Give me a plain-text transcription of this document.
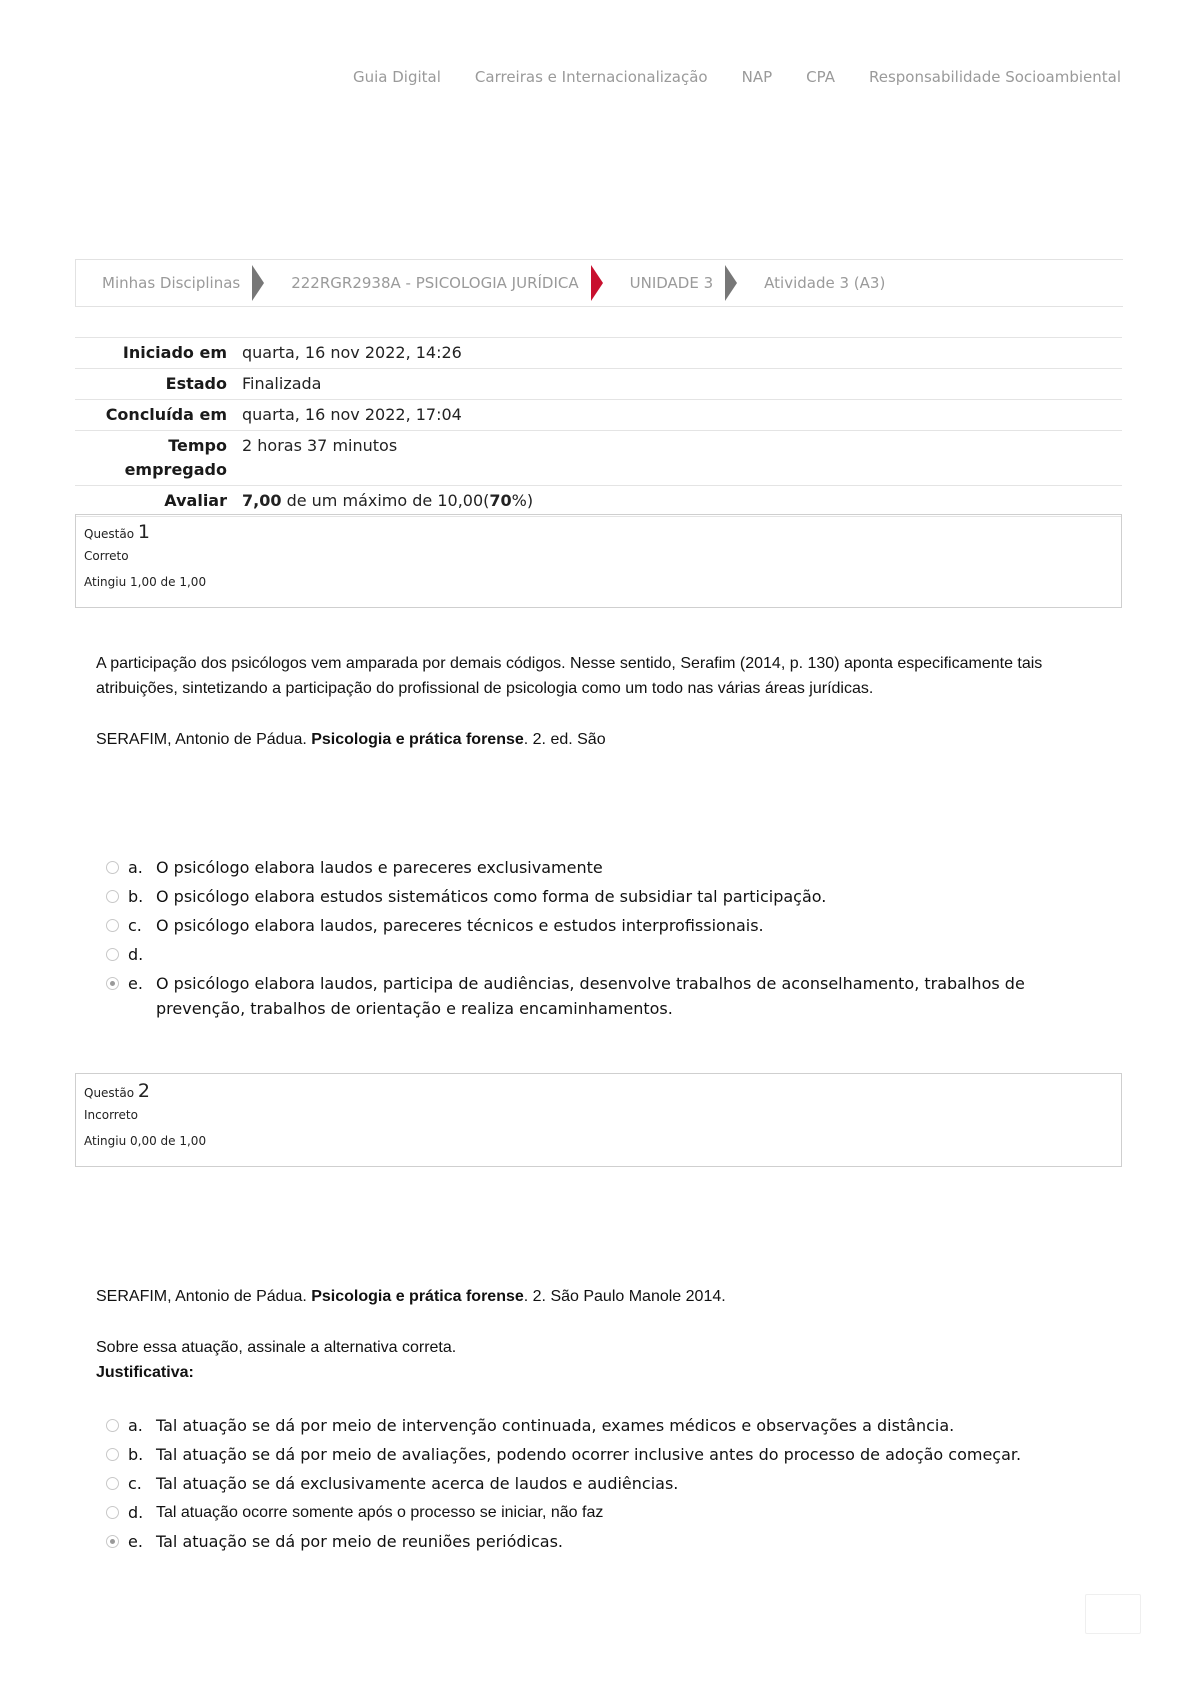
Guia Digital Carreiras e Internacionalização NAP CPA Responsabilidade Socioambiental
Minhas Disciplinas	222RGR2938A - PSICOLOGIA JURÍDICA	UNIDADE 3	Atividade 3 (A3)
Iniciado em	quarta, 16 nov 2022, 14:26
Estado	Finalizada
Concluída em	quarta, 16 nov 2022, 17:04
Tempo
empregado	2 horas 37 minutos
Avaliar	7,00 de um máximo de 10,00(70%)
Questão 1
Correto
Atingiu 1,00 de 1,00

A participação dos psicólogos vem amparada por demais códigos. Nesse sentido, Serafim (2014, p. 130) aponta especificamente tais atribuições, sintetizando a participação do profissional de psicologia como um todo nas várias áreas jurídicas.

SERAFIM, Antonio de Pádua. Psicologia e prática forense. 2. ed. São

a. O psicólogo elabora laudos e pareceres exclusivamente
b. O psicólogo elabora estudos sistemáticos como forma de subsidiar tal participação.
c. O psicólogo elabora laudos, pareceres técnicos e estudos interprofissionais.
d.
e. O psicólogo elabora laudos, participa de audiências, desenvolve trabalhos de aconselhamento, trabalhos de prevenção, trabalhos de orientação e realiza encaminhamentos.
Questão 2
Incorreto
Atingiu 0,00 de 1,00

SERAFIM, Antonio de Pádua. Psicologia e prática forense. 2. São Paulo Manole 2014.

Sobre essa atuação, assinale a alternativa correta.

Justificativa:

a. Tal atuação se dá por meio de intervenção continuada, exames médicos e observações a distância.
b. Tal atuação se dá por meio de avaliações, podendo ocorrer inclusive antes do processo de adoção começar.
c. Tal atuação se dá exclusivamente acerca de laudos e audiências.
d. Tal atuação ocorre somente após o processo se iniciar, não faz
e. Tal atuação se dá por meio de reuniões periódicas.
